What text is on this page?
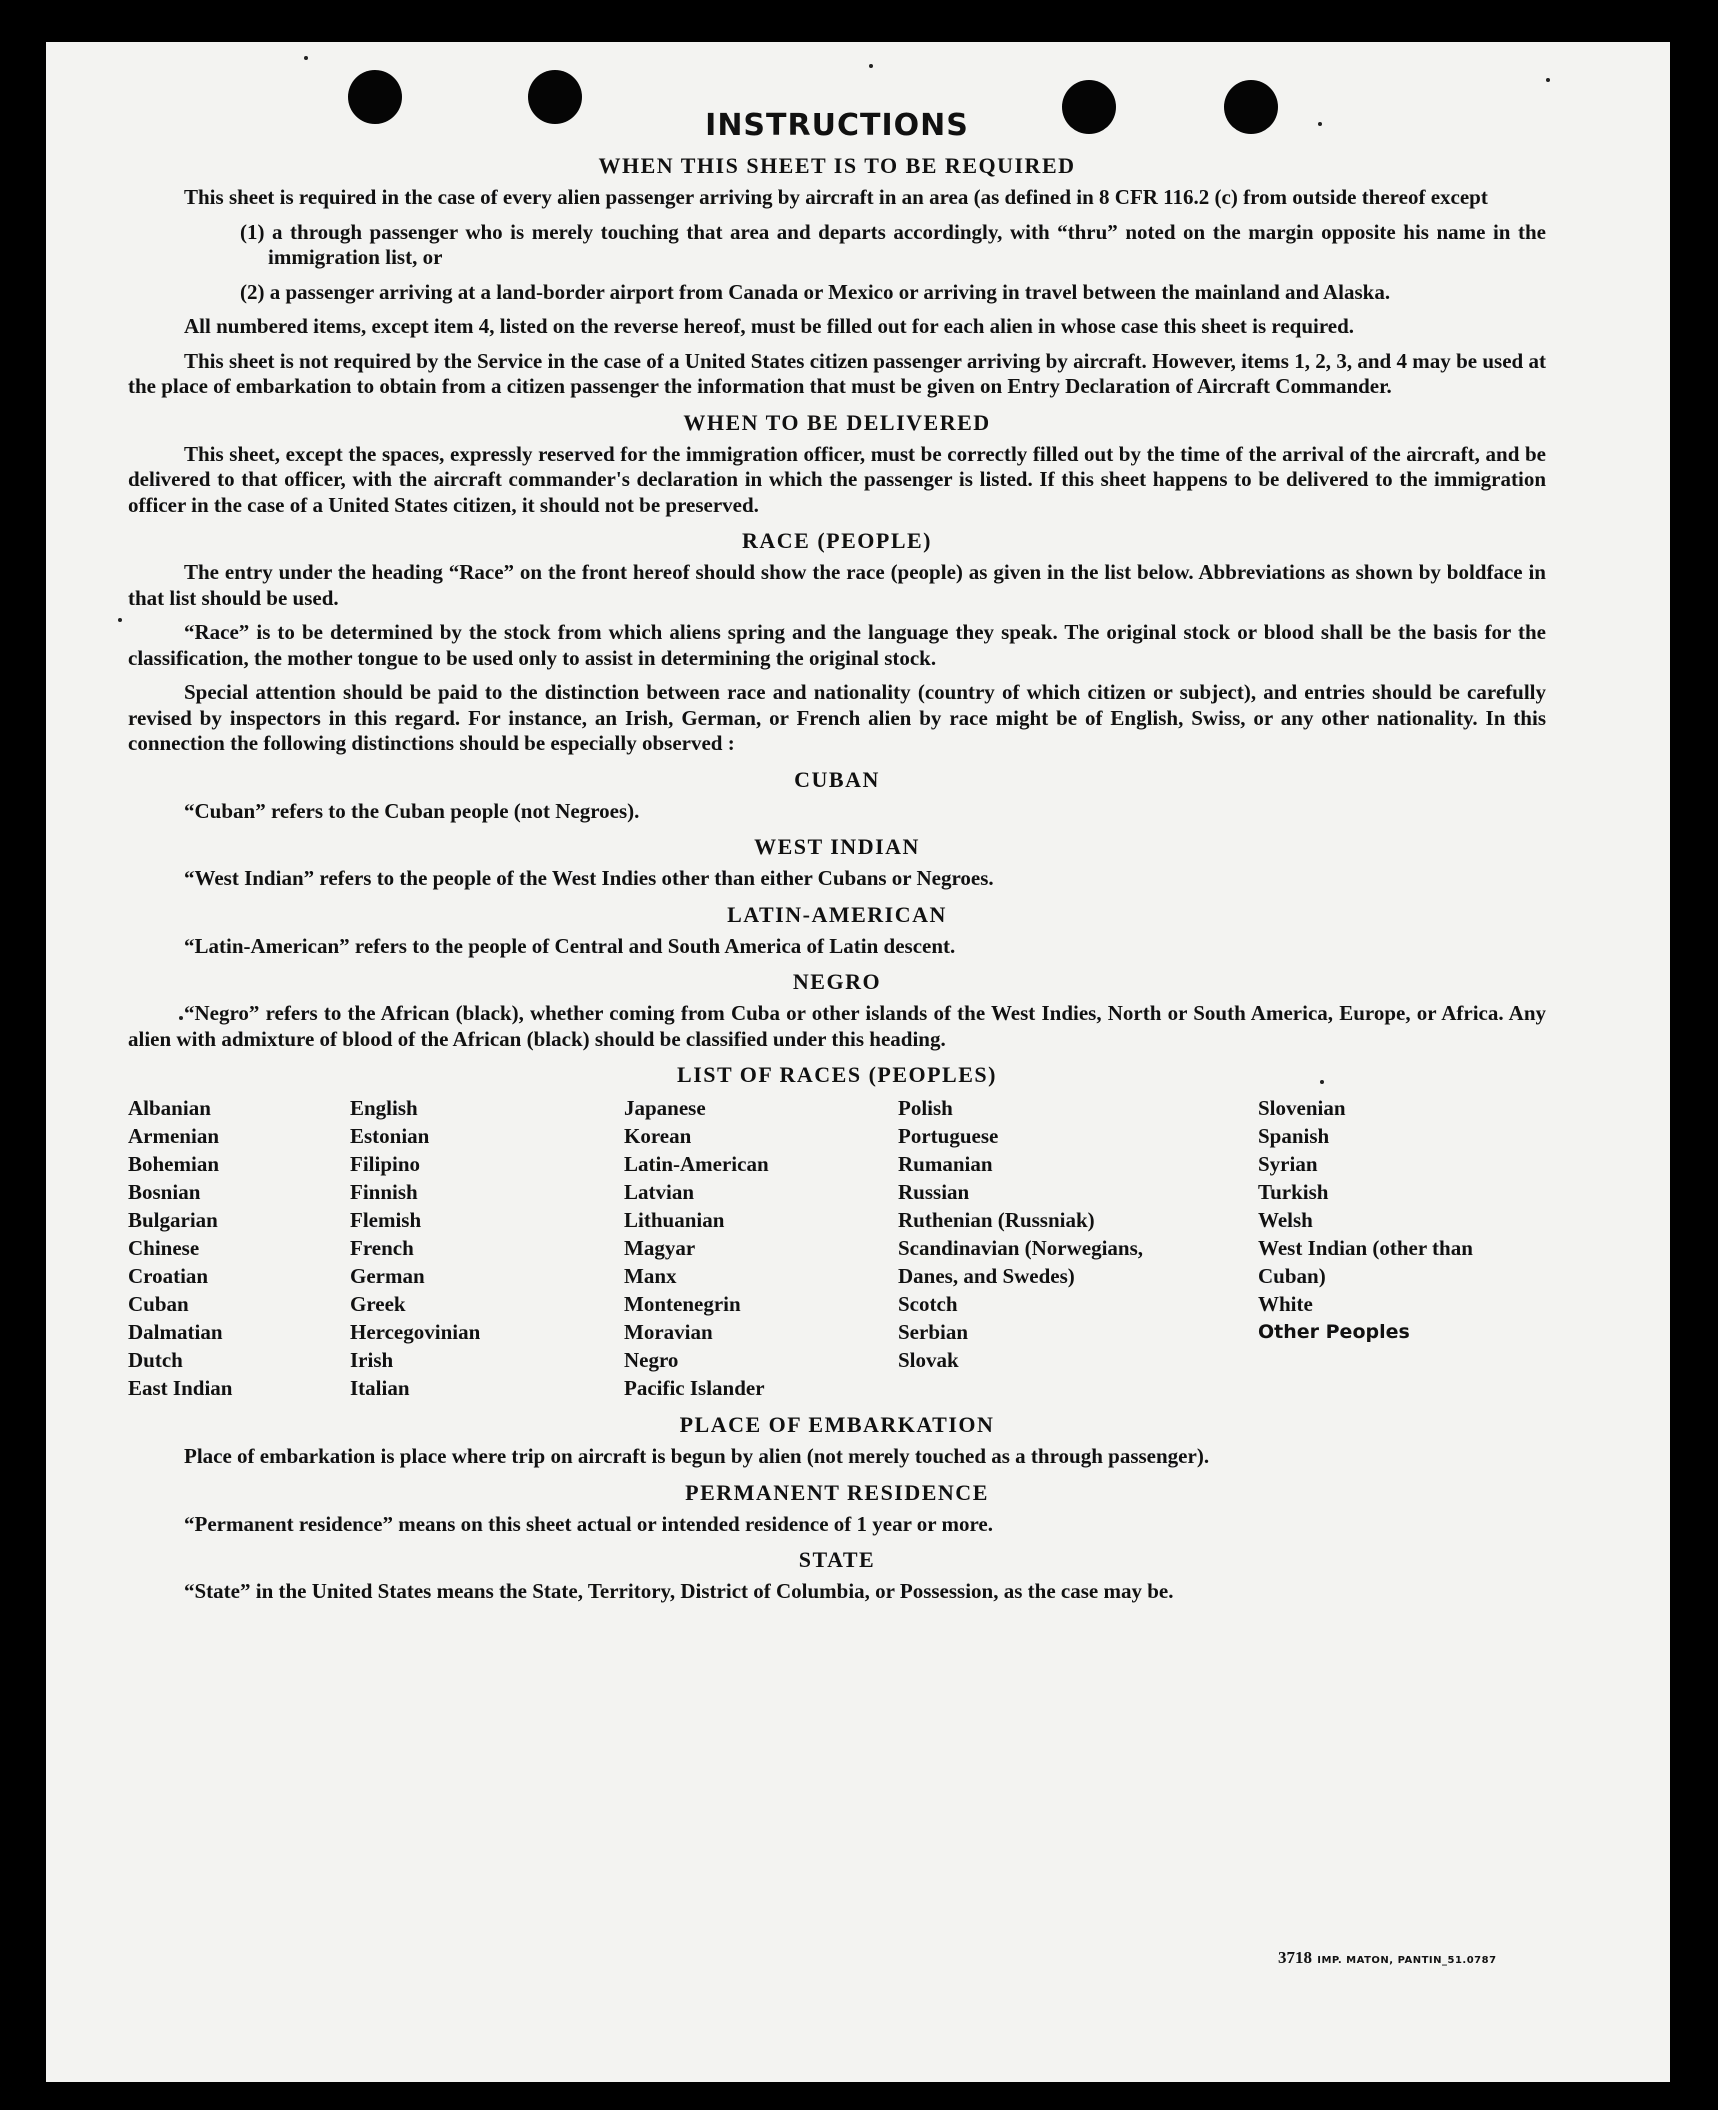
INSTRUCTIONS
WHEN THIS SHEET IS TO BE REQUIRED

This sheet is required in the case of every alien passenger arriving by aircraft in an area (as defined in 8 CFR 116.2 (c) from outside thereof except

(1) a through passenger who is merely touching that area and departs accordingly, with “thru” noted on the margin opposite his name in the immigration list, or

(2) a passenger arriving at a land-border airport from Canada or Mexico or arriving in travel between the mainland and Alaska.

All numbered items, except item 4, listed on the reverse hereof, must be filled out for each alien in whose case this sheet is required.

This sheet is not required by the Service in the case of a United States citizen passenger arriving by aircraft. However, items 1, 2, 3, and 4 may be used at the place of embarkation to obtain from a citizen passenger the information that must be given on Entry Declaration of Aircraft Commander.

WHEN TO BE DELIVERED

This sheet, except the spaces, expressly reserved for the immigration officer, must be correctly filled out by the time of the arrival of the aircraft, and be delivered to that officer, with the aircraft commander's declaration in which the passenger is listed. If this sheet happens to be delivered to the immigration officer in the case of a United States citizen, it should not be preserved.

RACE (PEOPLE)

The entry under the heading “Race” on the front hereof should show the race (people) as given in the list below. Abbreviations as shown by boldface in that list should be used.

“Race” is to be determined by the stock from which aliens spring and the language they speak. The original stock or blood shall be the basis for the classification, the mother tongue to be used only to assist in determining the original stock.

Special attention should be paid to the distinction between race and nationality (country of which citizen or subject), and entries should be carefully revised by inspectors in this regard. For instance, an Irish, German, or French alien by race might be of English, Swiss, or any other nationality. In this connection the following distinctions should be especially observed :

CUBAN

“Cuban” refers to the Cuban people (not Negroes).

WEST INDIAN

“West Indian” refers to the people of the West Indies other than either Cubans or Negroes.

LATIN-AMERICAN

“Latin-American” refers to the people of Central and South America of Latin descent.

NEGRO

“Negro” refers to the African (black), whether coming from Cuba or other islands of the West Indies, North or South America, Europe, or Africa. Any alien with admixture of blood of the African (black) should be classified under this heading.

LIST OF RACES (PEOPLES)
Albanian
Armenian
Bohemian
Bosnian
Bulgarian
Chinese
Croatian
Cuban
Dalmatian
Dutch
East Indian
English
Estonian
Filipino
Finnish
Flemish
French
German
Greek
Hercegovinian
Irish
Italian
Japanese
Korean
Latin-American
Latvian
Lithuanian
Magyar
Manx
Montenegrin
Moravian
Negro
Pacific Islander
Polish
Portuguese
Rumanian
Russian
Ruthenian (Russniak)
Scandinavian (Norwegians, Danes, and Swedes)
Scotch
Serbian
Slovak
Slovenian
Spanish
Syrian
Turkish
Welsh
West Indian (other than Cuban)
White
Other Peoples
PLACE OF EMBARKATION

Place of embarkation is place where trip on aircraft is begun by alien (not merely touched as a through passenger).

PERMANENT RESIDENCE

“Permanent residence” means on this sheet actual or intended residence of 1 year or more.

STATE

“State” in the United States means the State, Territory, District of Columbia, or Possession, as the case may be.

3718 IMP. MATON, PANTIN_51.0787
